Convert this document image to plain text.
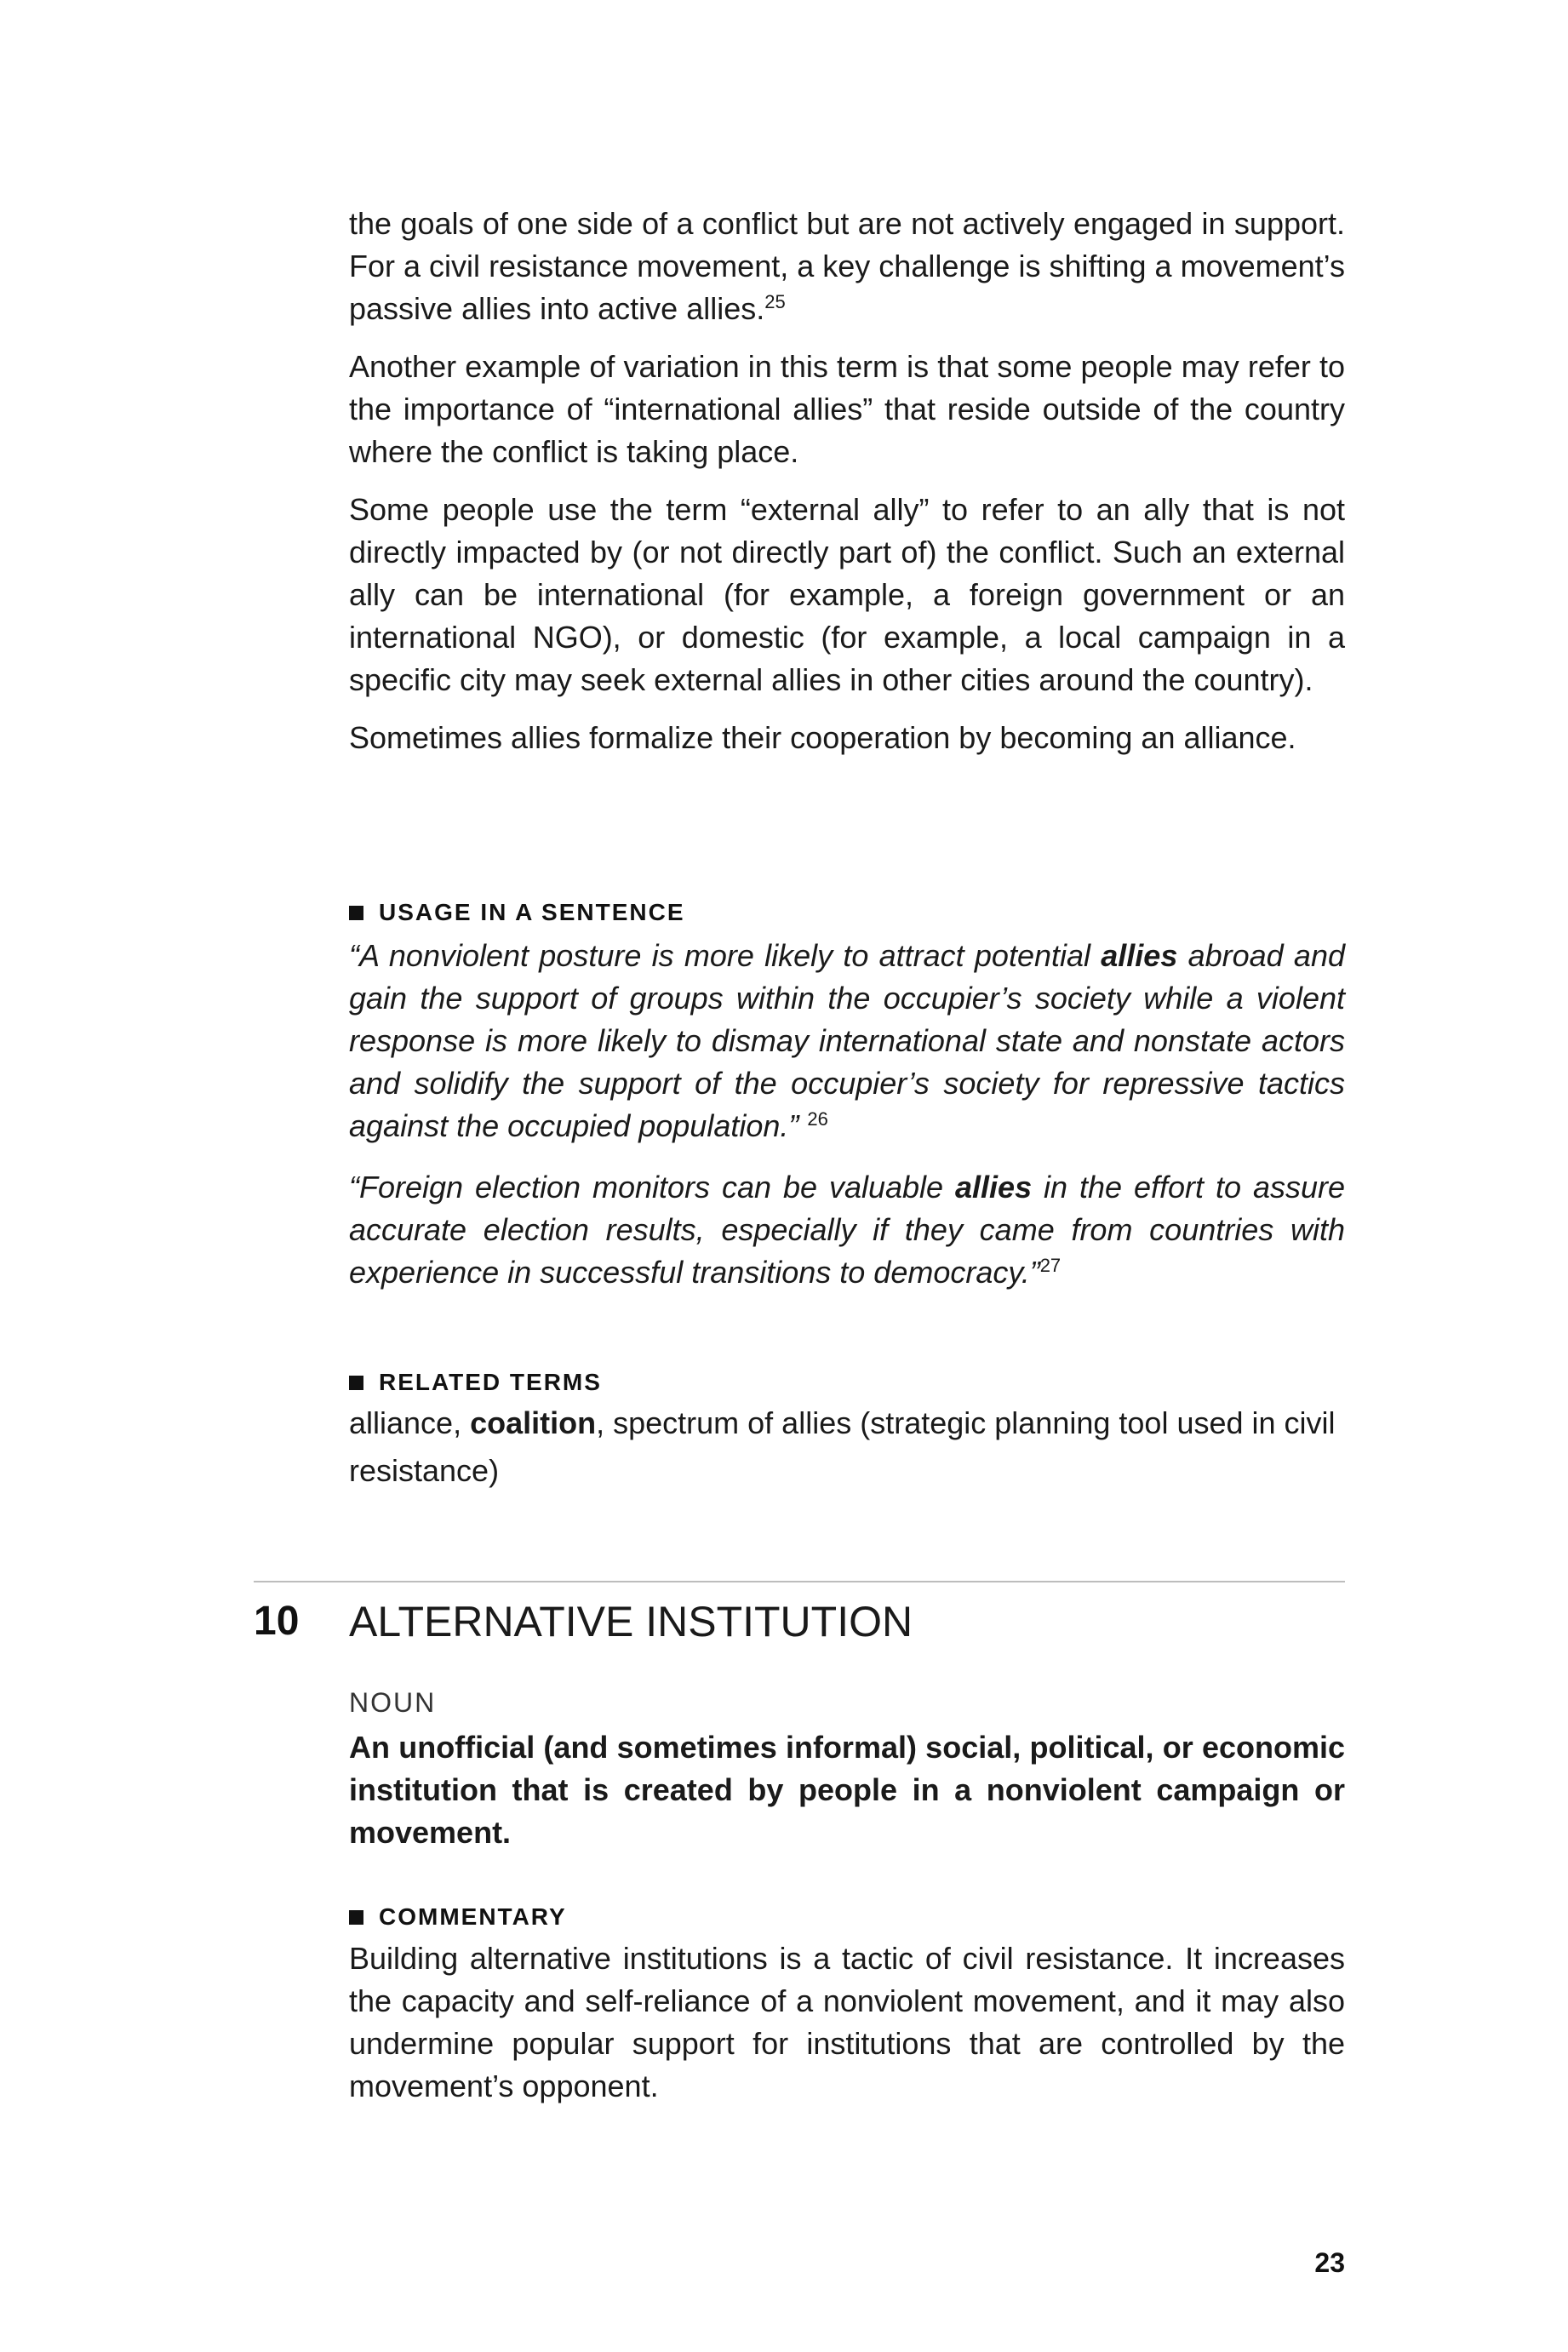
the goals of one side of a conflict but are not actively engaged in support. For a civil resistance movement, a key challenge is shifting a movement’s passive allies into active allies.$^{25}$

Another example of variation in this term is that some people may refer to the importance of “international allies” that reside outside of the country where the conflict is taking place.

Some people use the term “external ally” to refer to an ally that is not directly impacted by (or not directly part of) the conflict. Such an external ally can be international (for example, a foreign government or an international NGO), or domestic (for example, a local campaign in a specific city may seek external allies in other cities around the country).

Sometimes allies formalize their cooperation by becoming an alliance.

USAGE IN A SENTENCE

“A nonviolent posture is more likely to attract potential allies abroad and gain the support of groups within the occupier’s society while a violent response is more likely to dismay international state and nonstate actors and solidify the support of the occupier’s society for repressive tactics against the occupied population.” $^{26}$

“Foreign election monitors can be valuable allies in the effort to assure accurate election results, especially if they came from countries with experience in successful transitions to democracy.”$^{27}$

RELATED TERMS

alliance, coalition, spectrum of allies (strategic planning tool used in civil resistance)

10 ALTERNATIVE INSTITUTION
NOUN

An unofficial (and sometimes informal) social, political, or economic institution that is created by people in a nonviolent campaign or movement.

COMMENTARY

Building alternative institutions is a tactic of civil resistance. It increases the capacity and self-reliance of a nonviolent movement, and it may also undermine popular support for institutions that are controlled by the movement’s opponent.

23
